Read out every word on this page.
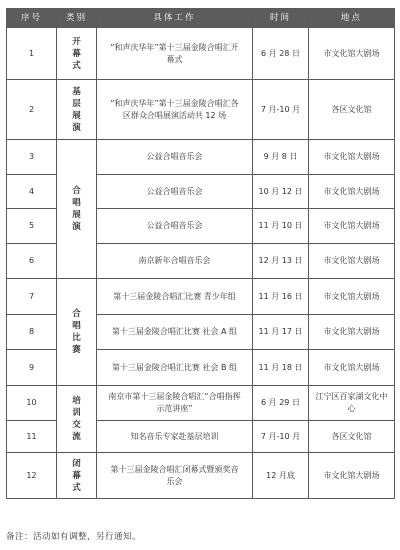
序号	类别	具体工作	时间	地点
1	开幕式	“和声庆华年”第十三届金陵合唱汇开幕式	6 月 28 日	市文化馆大剧场
2	基层展演	“和声庆华年”第十三届金陵合唱汇各区群众合唱展演活动共 12 场	7 月-10 月	各区文化馆
3	合唱展演	公益合唱音乐会	9 月 8 日	市文化馆大剧场
4		公益合唱音乐会	10 月 12 日	市文化馆大剧场
5		公益合唱音乐会	11 月 10 日	市文化馆大剧场
6		南京新年合唱音乐会	12 月 13 日	市文化馆大剧场
7	合唱比赛	第十三届金陵合唱汇比赛 青少年组	11 月 16 日	市文化馆大剧场
8		第十三届金陵合唱汇比赛 社会 A 组	11 月 17 日	市文化馆大剧场
9		第十三届金陵合唱汇比赛 社会 B 组	11 月 18 日	市文化馆大剧场
10	培训交流	南京市第十三届金陵合唱汇“合唱指挥示范讲座”	6 月 29 日	江宁区百家湖文化中心
11		知名音乐专家赴基层培训	7 月-10 月	各区文化馆
12	闭幕式	第十三届金陵合唱汇闭幕式暨颁奖音乐会	12 月底	市文化馆大剧场
备注：活动如有调整，另行通知。
